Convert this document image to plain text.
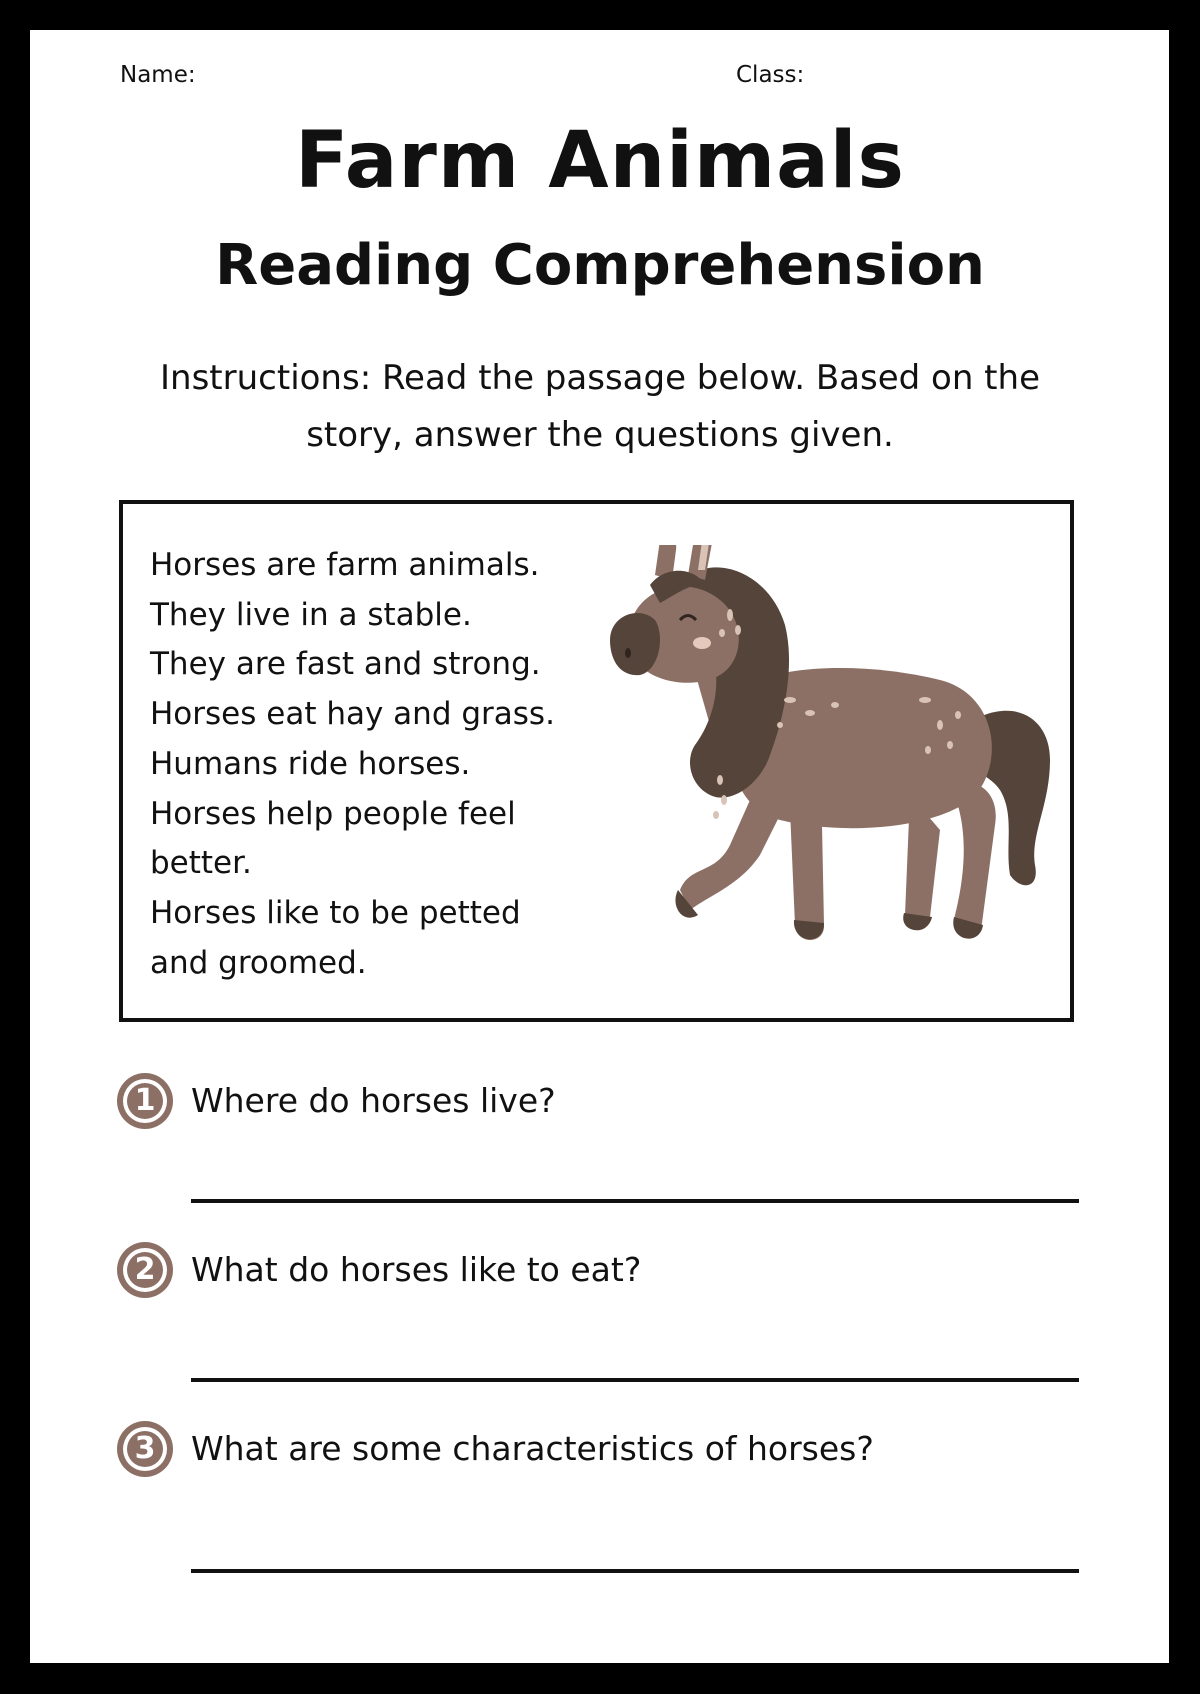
Name:	Class:
Farm Animals
Reading Comprehension
Instructions: Read the passage below. Based on the story, answer the questions given.
Horses are farm animals.
They live in a stable.
They are fast and strong.
Horses eat hay and grass.
Humans ride horses.
Horses help people feel
better.
Horses like to be petted
and groomed.
1 Where do horses live?
2 What do horses like to eat?
3 What are some characteristics of horses?
